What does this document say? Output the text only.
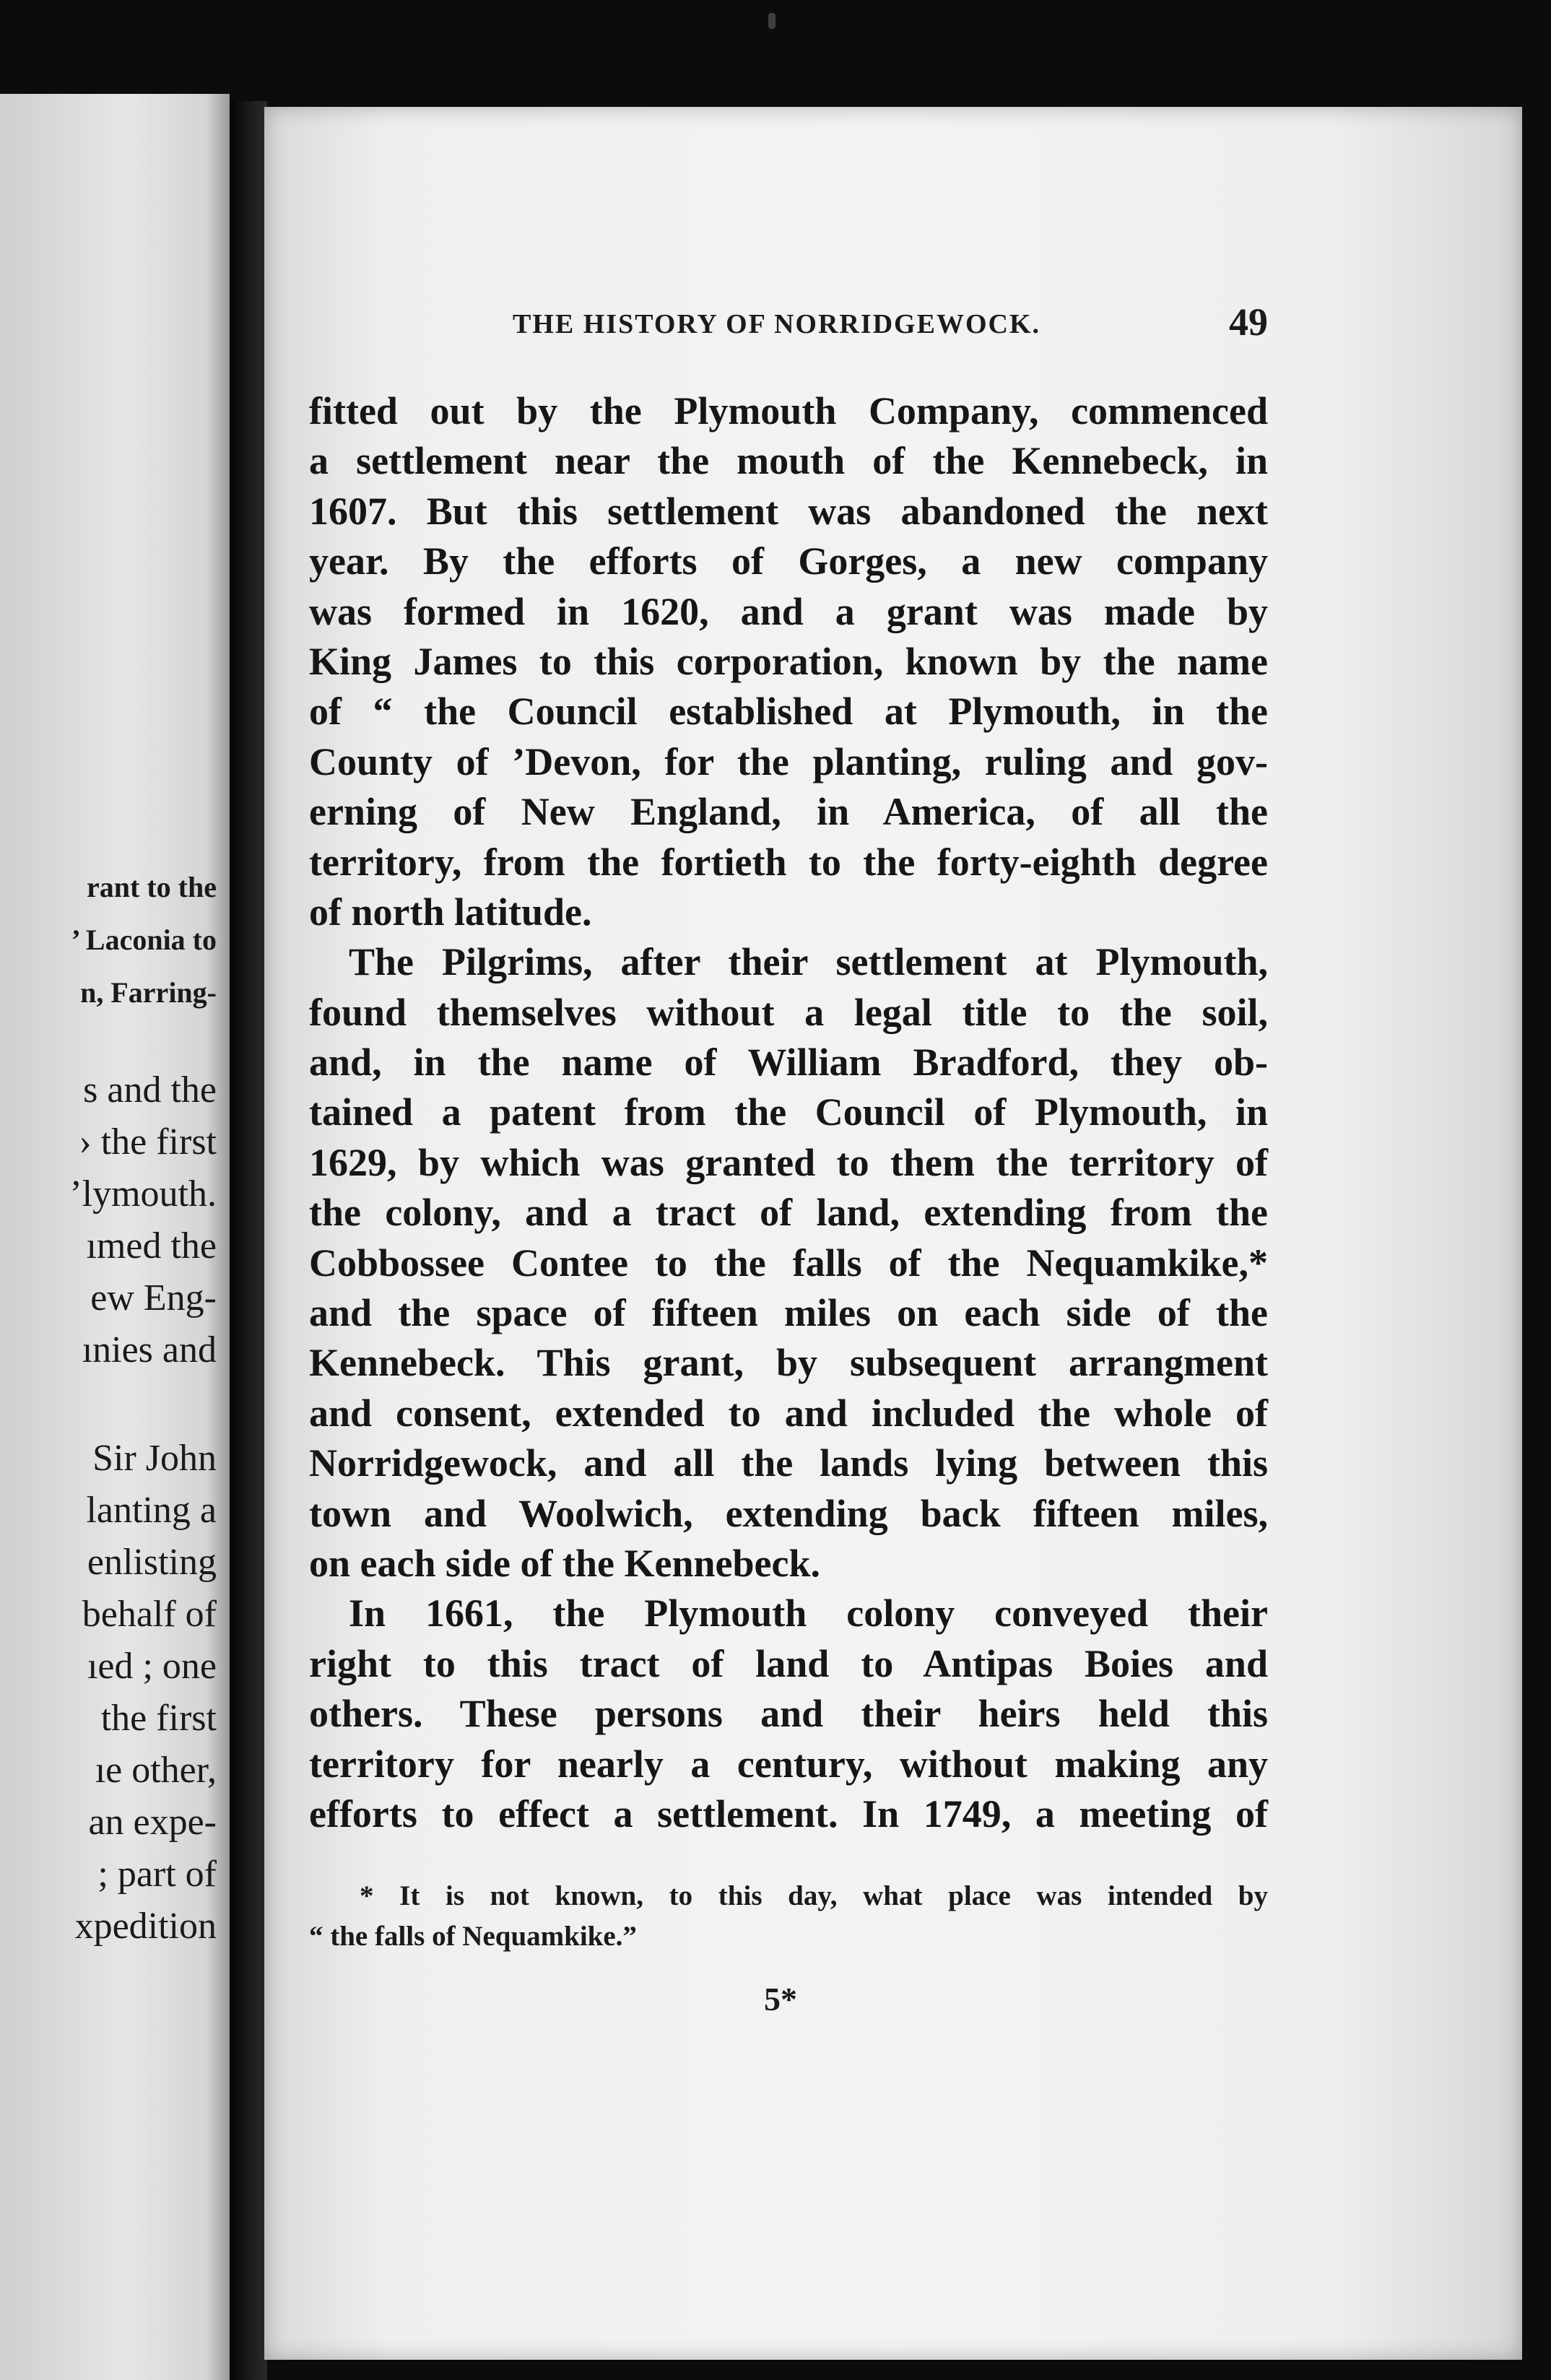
rant to the
’ Laconia to
n, Farring-
s and the
› the first
’lymouth.
ımed the
ew Eng-
ınies and
Sir John
lanting a
enlisting
behalf of
ıed ; one
the first
ıe other,
an expe-
; part of
xpedition
THE HISTORY OF NORRIDGEWOCK.	49
fitted out by the Plymouth Company, commenced
a settlement near the mouth of the Kennebeck, in
1607. But this settlement was abandoned the next
year. By the efforts of Gorges, a new company
was formed in 1620, and a grant was made by
King James to this corporation, known by the name
of “ the Council established at Plymouth, in the
County of ’Devon, for the planting, ruling and gov-
erning of New England, in America, of all the
territory, from the fortieth to the forty-eighth degree
of north latitude.
The Pilgrims, after their settlement at Plymouth,
found themselves without a legal title to the soil,
and, in the name of William Bradford, they ob-
tained a patent from the Council of Plymouth, in
1629, by which was granted to them the territory of
the colony, and a tract of land, extending from the
Cobbossee Contee to the falls of the Nequamkike,*
and the space of fifteen miles on each side of the
Kennebeck. This grant, by subsequent arrangment
and consent, extended to and included the whole of
Norridgewock, and all the lands lying between this
town and Woolwich, extending back fifteen miles,
on each side of the Kennebeck.
In 1661, the Plymouth colony conveyed their
right to this tract of land to Antipas Boies and
others. These persons and their heirs held this
territory for nearly a century, without making any
efforts to effect a settlement. In 1749, a meeting of
* It is not known, to this day, what place was intended by
“ the falls of Nequamkike.”
5*
